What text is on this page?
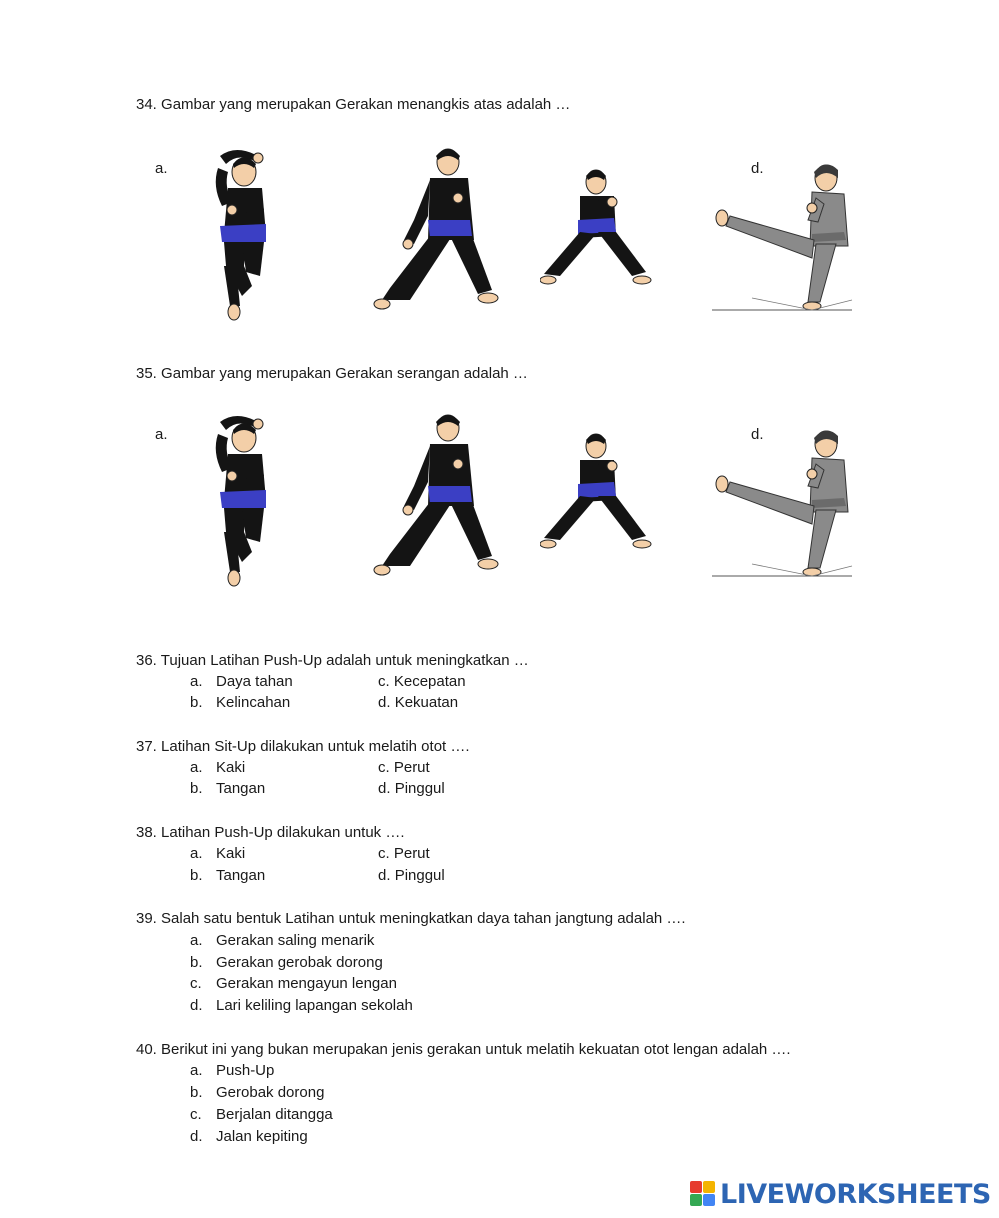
34. Gambar yang merupakan Gerakan menangkis atas adalah …
a.	d.
35. Gambar yang merupakan Gerakan serangan adalah …
a.	d.
36. Tujuan Latihan Push-Up adalah untuk meningkatkan …
a. Daya tahan
b. Kelincahan
c. Kecepatan
d. Kekuatan
37. Latihan Sit-Up dilakukan untuk melatih otot ….
a. Kaki
b. Tangan
c. Perut
d. Pinggul
38. Latihan Push-Up dilakukan untuk ….
a. Kaki
b. Tangan
c. Perut
d. Pinggul
39. Salah satu bentuk Latihan untuk meningkatkan daya tahan jangtung adalah ….
a. Gerakan saling menarik
b. Gerakan gerobak dorong
c. Gerakan mengayun lengan
d. Lari keliling lapangan sekolah
40. Berikut ini yang bukan merupakan jenis gerakan untuk melatih kekuatan otot lengan adalah ….
a. Push-Up
b. Gerobak dorong
c. Berjalan ditangga
d. Jalan kepiting
LIVEWORKSHEETS
